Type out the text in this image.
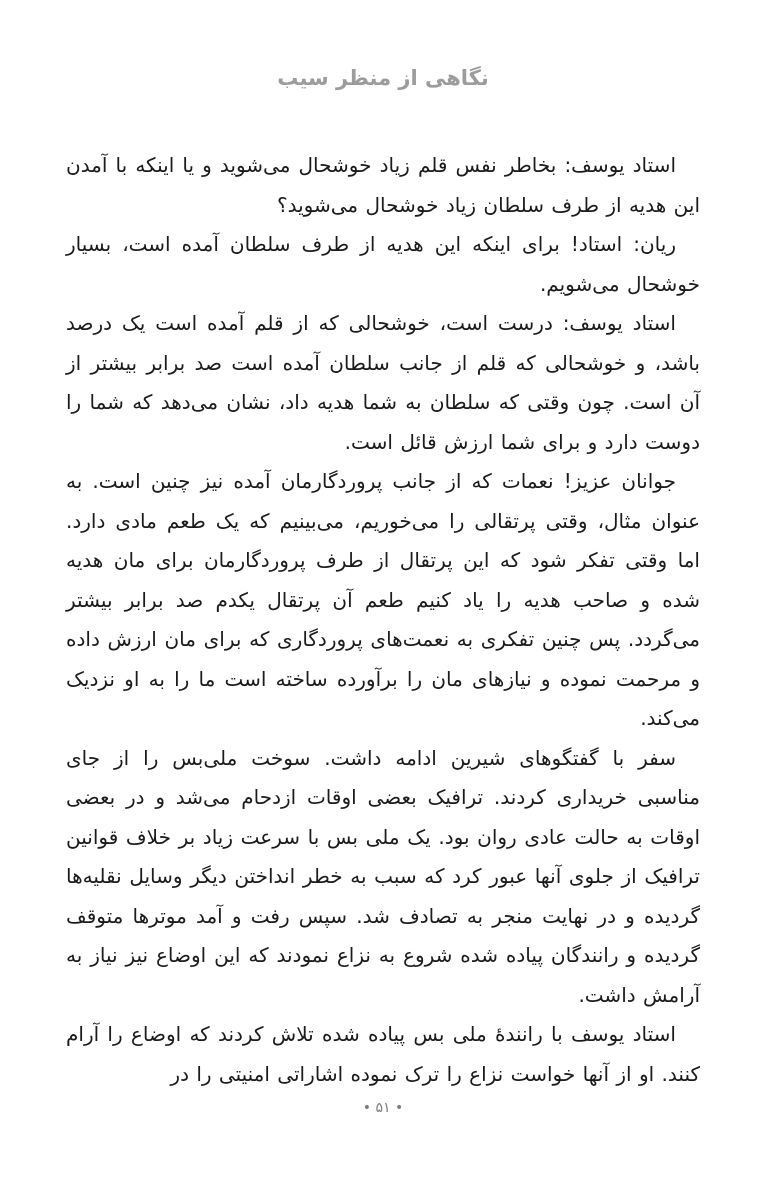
نگاهی از منظر سیب

استاد یوسف: بخاطر نفس قلم زیاد خوشحال می‌شوید و یا اینکه با آمدن این هدیه از طرف سلطان زیاد خوشحال می‌شوید؟

ریان: استاد! برای اینکه این هدیه از طرف سلطان آمده است، بسیار خوشحال می‌شویم.

استاد یوسف: درست است، خوشحالی که از قلم آمده است یک درصد باشد، و خوشحالی که قلم از جانب سلطان آمده است صد برابر بیشتر از آن است. چون وقتی که سلطان به شما هدیه داد، نشان می‌دهد که شما را دوست دارد و برای شما ارزش قائل است.

جوانان عزیز! نعمات که از جانب پروردگارمان آمده نیز چنین است. به عنوان مثال، وقتی پرتقالی را می‌خوریم، می‌بینیم که یک طعم مادی دارد. اما وقتی تفکر شود که این پرتقال از طرف پروردگارمان برای مان هدیه شده و صاحب هدیه را یاد کنیم طعم آن پرتقال یکدم صد برابر بیشتر می‌گردد. پس چنین تفکری به نعمت‌های پروردگاری که برای مان ارزش داده و مرحمت نموده و نیازهای مان را برآورده ساخته است ما را به او نزدیک می‌کند.

سفر با گفتگوهای شیرین ادامه داشت. سوخت ملی‌بس را از جای مناسبی خریداری کردند. ترافیک بعضی اوقات ازدحام می‌شد و در بعضی اوقات به حالت عادی روان بود. یک ملی بس با سرعت زیاد بر خلاف قوانین ترافیک از جلوی آنها عبور کرد که سبب به خطر انداختن دیگر وسایل نقلیه‌ها گردیده و در نهایت منجر به تصادف شد. سپس رفت و آمد موترها متوقف گردیده و رانندگان پیاده شده شروع به نزاع نمودند که این اوضاع نیز نیاز به آرامش داشت.

استاد یوسف با رانندۀ ملی بس پیاده شده تلاش کردند که اوضاع را آرام کنند. او از آنها خواست نزاع را ترک نموده اشاراتی امنیتی را در

• ۵۱ •
